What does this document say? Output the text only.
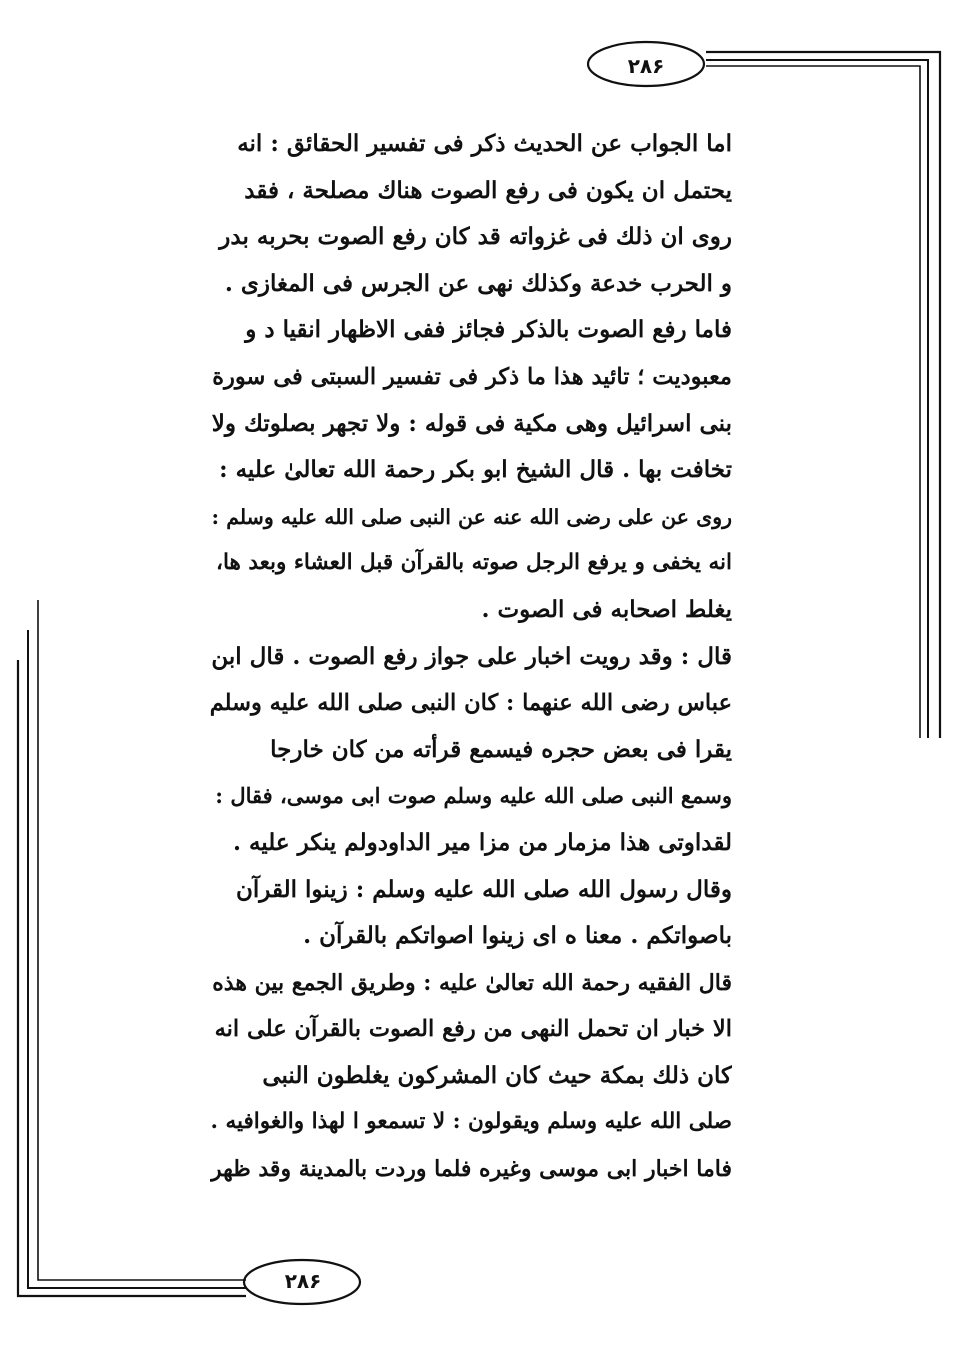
۲۸۶
۲۸۶
اما الجواب عن الحديث ذكر فى تفسير الحقائق : انه
يحتمل ان يكون فى رفع الصوت هناك مصلحة ، فقد
روى ان ذلك فى غزواته قد كان رفع الصوت بحربه بدر
و الحرب خدعة وكذلك نهى عن الجرس فى المغازى .
فاما رفع الصوت بالذكر فجائز ففى الاظهار انقيا د و
معبوديت ؛ تائيد هذا ما ذكر فى تفسير السبتى فى سورة
بنى اسرائيل وهى مكية فى قوله : ولا تجهر بصلوتك ولا
تخافت بها . قال الشيخ ابو بكر رحمة الله تعالىٰ عليه :
روى عن على رضى الله عنه عن النبى صلى الله عليه وسلم :
انه يخفى و يرفع الرجل صوته بالقرآن قبل العشاء وبعد ها،
يغلط اصحابه فى الصوت .
قال : وقد رويت اخبار على جواز رفع الصوت . قال ابن
عباس رضى الله عنهما : كان النبى صلى الله عليه وسلم
يقرا فى بعض حجره فيسمع قرأته من كان خارجا
وسمع النبى صلى الله عليه وسلم صوت ابى موسى، فقال :
لقداوتى هذا مزمار من مزا مير الداودولم ينكر عليه .
وقال رسول الله صلى الله عليه وسلم : زينوا القرآن
باصواتكم . معنا ه اى زينوا اصواتكم بالقرآن .
قال الفقيه رحمة الله تعالىٰ عليه : وطريق الجمع بين هذه
الا خبار ان تحمل النهى من رفع الصوت بالقرآن على انه
كان ذلك بمكة حيث كان المشركون يغلطون النبى
صلى الله عليه وسلم ويقولون : لا تسمعو ا لهذا والغوافيه .
فاما اخبار ابى موسى وغيره فلما وردت بالمدينة وقد ظهر
